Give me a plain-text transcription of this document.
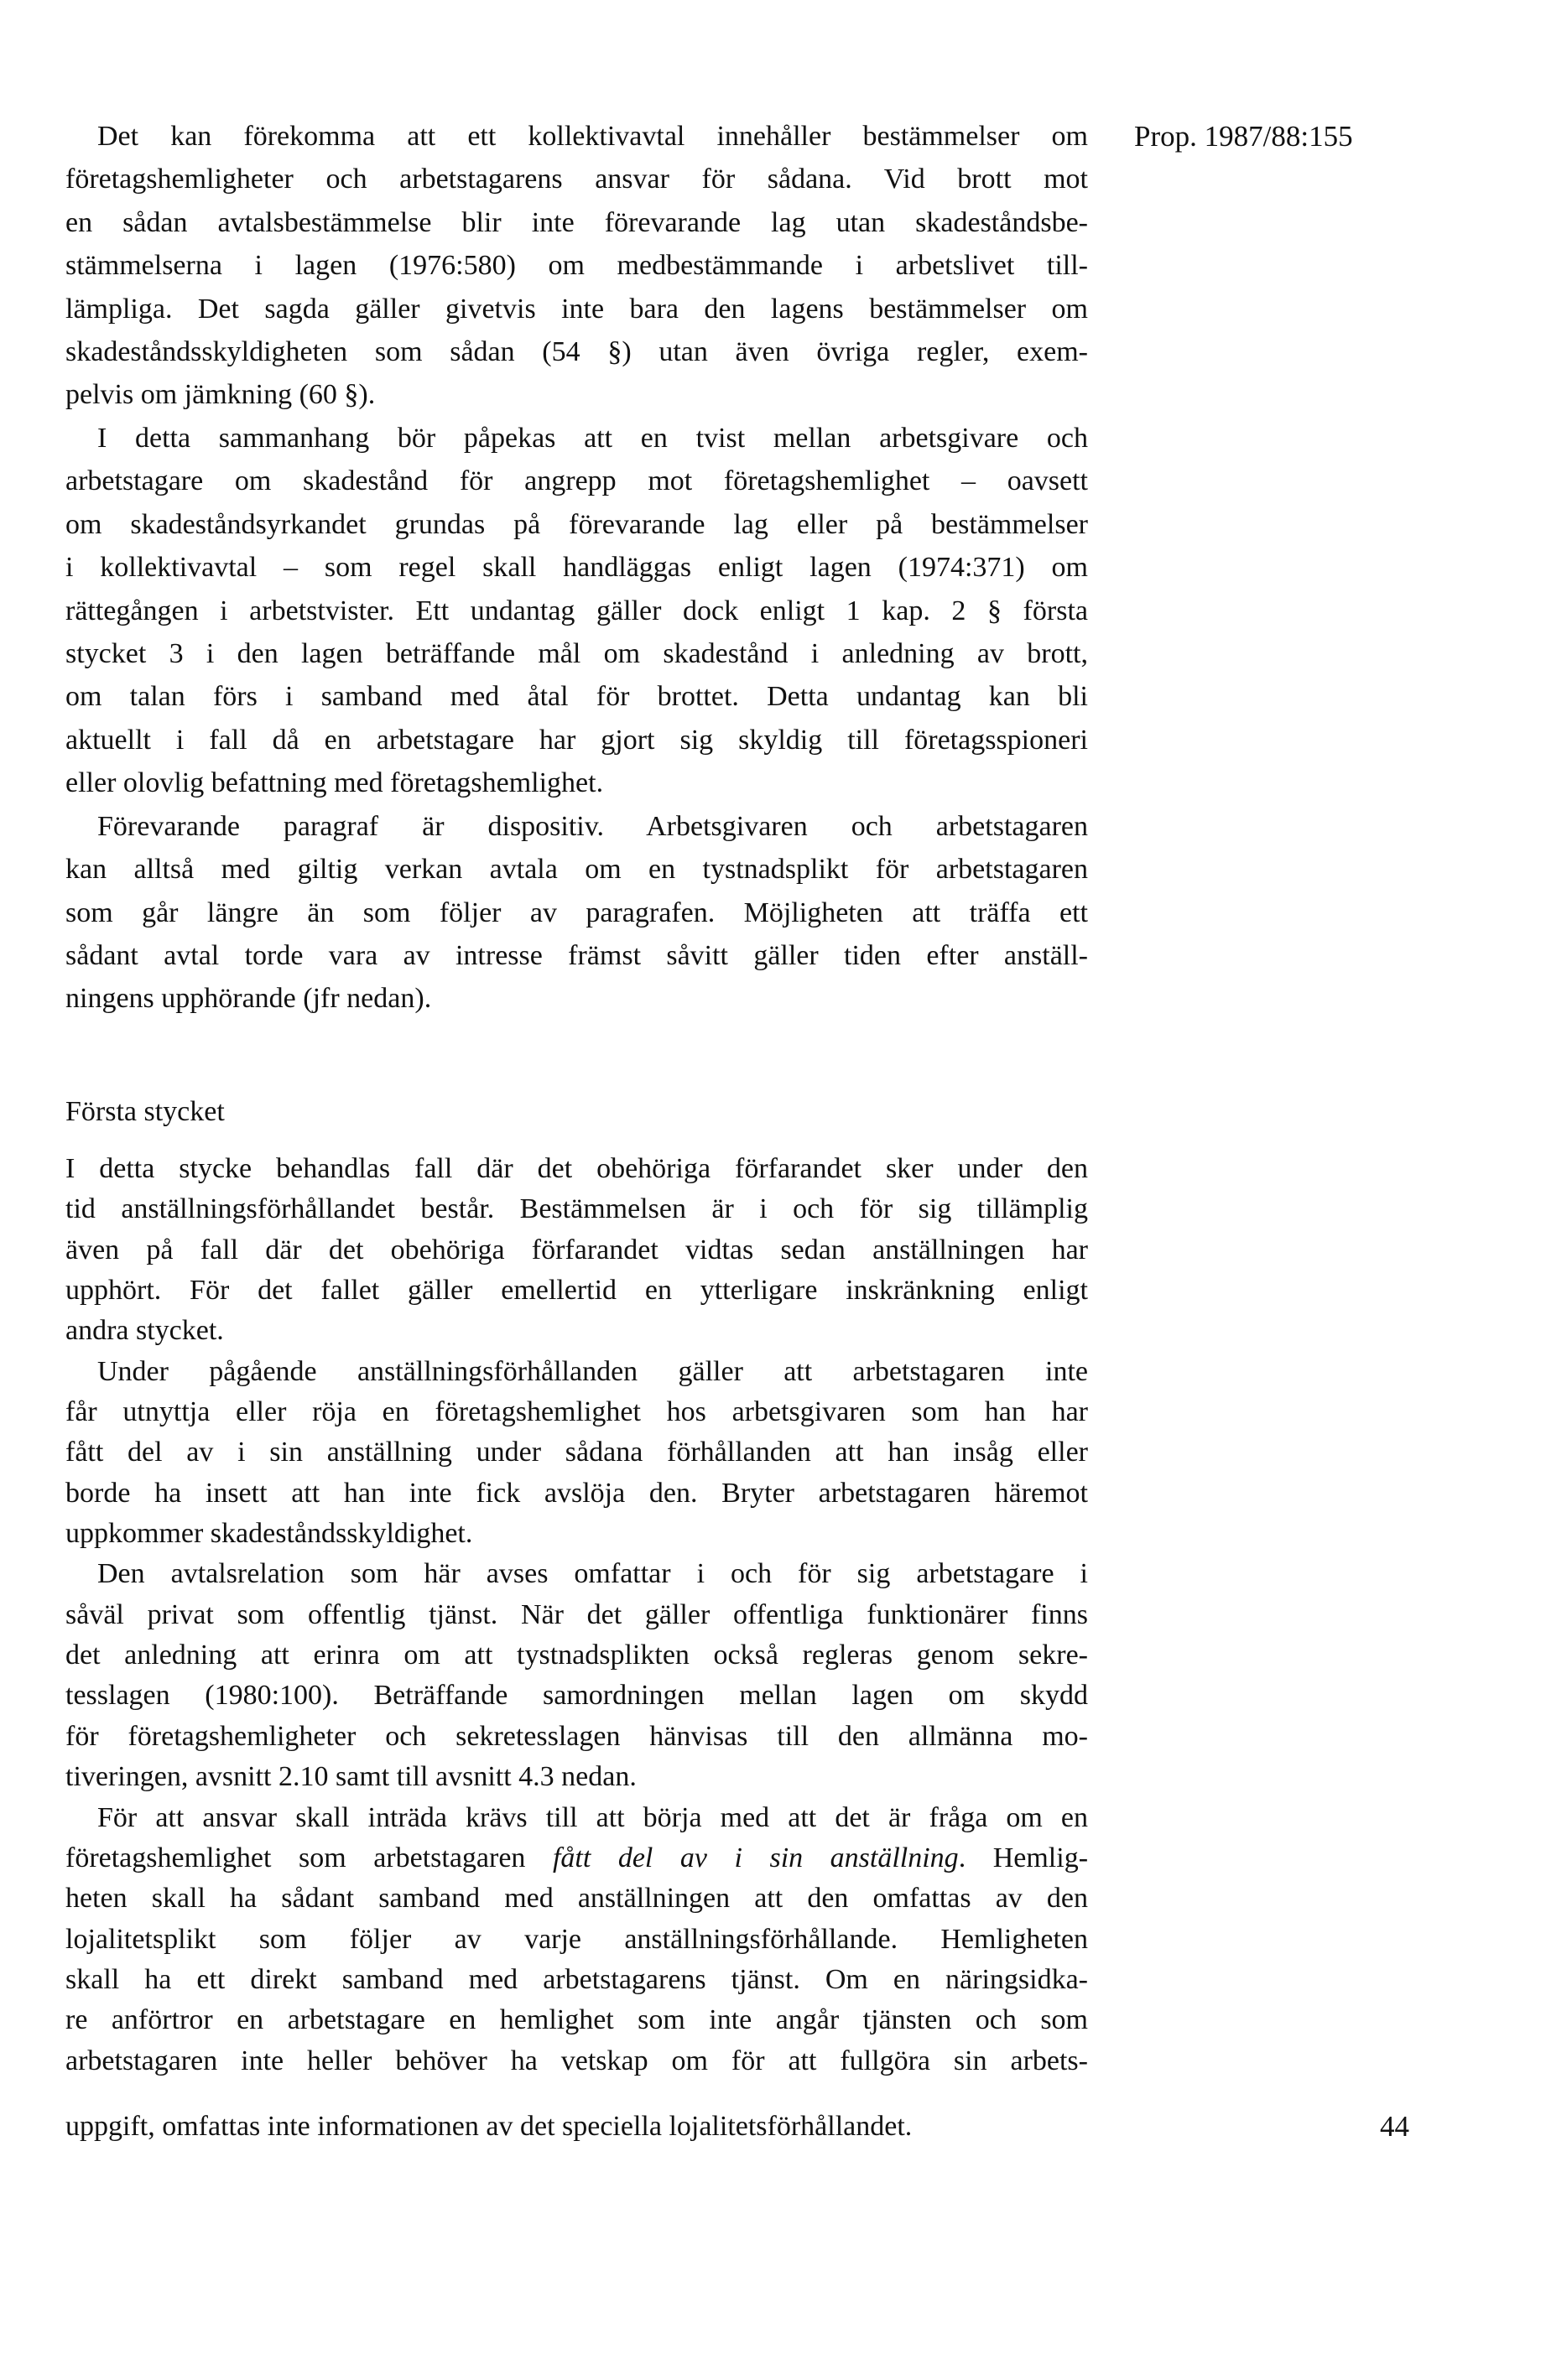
Prop. 1987/88:155
Det kan förekomma att ett kollektivavtal innehåller bestämmelser om
företagshemligheter och arbetstagarens ansvar för sådana. Vid brott mot
en sådan avtalsbestämmelse blir inte förevarande lag utan skadeståndsbe-
stämmelserna i lagen (1976:580) om medbestämmande i arbetslivet till-
lämpliga. Det sagda gäller givetvis inte bara den lagens bestämmelser om
skadeståndsskyldigheten som sådan (54 §) utan även övriga regler, exem-
pelvis om jämkning (60 §).
I detta sammanhang bör påpekas att en tvist mellan arbetsgivare och
arbetstagare om skadestånd för angrepp mot företagshemlighet – oavsett
om skadeståndsyrkandet grundas på förevarande lag eller på bestämmelser
i kollektivavtal – som regel skall handläggas enligt lagen (1974:371) om
rättegången i arbetstvister. Ett undantag gäller dock enligt 1 kap. 2 § första
stycket 3 i den lagen beträffande mål om skadestånd i anledning av brott,
om talan förs i samband med åtal för brottet. Detta undantag kan bli
aktuellt i fall då en arbetstagare har gjort sig skyldig till företagsspioneri
eller olovlig befattning med företagshemlighet.
Förevarande paragraf är dispositiv. Arbetsgivaren och arbetstagaren
kan alltså med giltig verkan avtala om en tystnadsplikt för arbetstagaren
som går längre än som följer av paragrafen. Möjligheten att träffa ett
sådant avtal torde vara av intresse främst såvitt gäller tiden efter anställ-
ningens upphörande (jfr nedan).
Första stycket
I detta stycke behandlas fall där det obehöriga förfarandet sker under den
tid anställningsförhållandet består. Bestämmelsen är i och för sig tillämplig
även på fall där det obehöriga förfarandet vidtas sedan anställningen har
upphört. För det fallet gäller emellertid en ytterligare inskränkning enligt
andra stycket.
Under pågående anställningsförhållanden gäller att arbetstagaren inte
får utnyttja eller röja en företagshemlighet hos arbetsgivaren som han har
fått del av i sin anställning under sådana förhållanden att han insåg eller
borde ha insett att han inte fick avslöja den. Bryter arbetstagaren häremot
uppkommer skadeståndsskyldighet.
Den avtalsrelation som här avses omfattar i och för sig arbetstagare i
såväl privat som offentlig tjänst. När det gäller offentliga funktionärer finns
det anledning att erinra om att tystnadsplikten också regleras genom sekre-
tesslagen (1980:100). Beträffande samordningen mellan lagen om skydd
för företagshemligheter och sekretesslagen hänvisas till den allmänna mo-
tiveringen, avsnitt 2.10 samt till avsnitt 4.3 nedan.
För att ansvar skall inträda krävs till att börja med att det är fråga om en
företagshemlighet som arbetstagaren fått del av i sin anställning. Hemlig-
heten skall ha sådant samband med anställningen att den omfattas av den
lojalitetsplikt som följer av varje anställningsförhållande. Hemligheten
skall ha ett direkt samband med arbetstagarens tjänst. Om en näringsidka-
re anförtror en arbetstagare en hemlighet som inte angår tjänsten och som
arbetstagaren inte heller behöver ha vetskap om för att fullgöra sin arbets-
uppgift, omfattas inte informationen av det speciella lojalitetsförhållandet.	44
